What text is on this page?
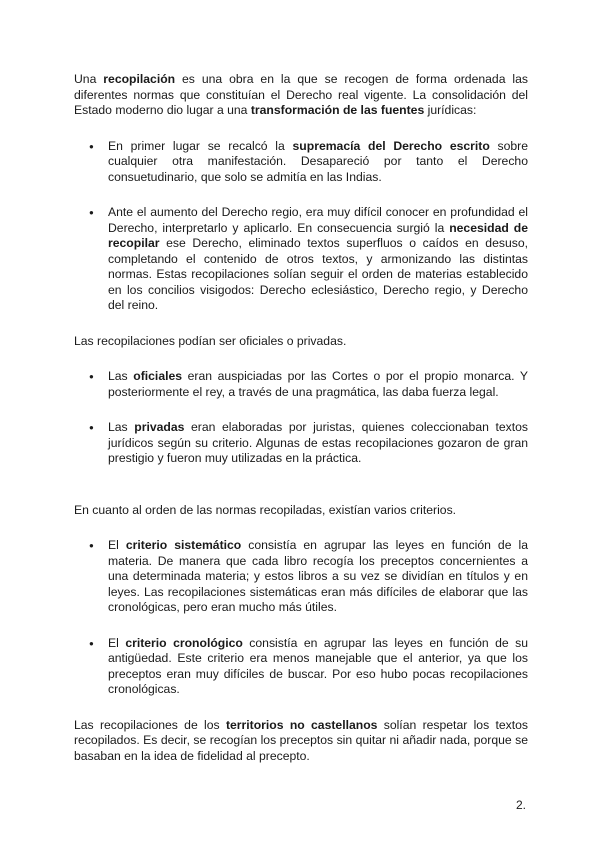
Una recopilación es una obra en la que se recogen de forma ordenada las diferentes normas que constituían el Derecho real vigente. La consolidación del Estado moderno dio lugar a una transformación de las fuentes jurídicas:

● En primer lugar se recalcó la supremacía del Derecho escrito sobre cualquier otra manifestación. Desapareció por tanto el Derecho consuetudinario, que solo se admitía en las Indias.
● Ante el aumento del Derecho regio, era muy difícil conocer en profundidad el Derecho, interpretarlo y aplicarlo. En consecuencia surgió la necesidad de recopilar ese Derecho, eliminado textos superfluos o caídos en desuso, completando el contenido de otros textos, y armonizando las distintas normas. Estas recopilaciones solían seguir el orden de materias establecido en los concilios visigodos: Derecho eclesiástico, Derecho regio, y Derecho del reino.

Las recopilaciones podían ser oficiales o privadas.

● Las oficiales eran auspiciadas por las Cortes o por el propio monarca. Y posteriormente el rey, a través de una pragmática, las daba fuerza legal.
● Las privadas eran elaboradas por juristas, quienes coleccionaban textos jurídicos según su criterio. Algunas de estas recopilaciones gozaron de gran prestigio y fueron muy utilizadas en la práctica.

En cuanto al orden de las normas recopiladas, existían varios criterios.

● El criterio sistemático consistía en agrupar las leyes en función de la materia. De manera que cada libro recogía los preceptos concernientes a una determinada materia; y estos libros a su vez se dividían en títulos y en leyes. Las recopilaciones sistemáticas eran más difíciles de elaborar que las cronológicas, pero eran mucho más útiles.
● El criterio cronológico consistía en agrupar las leyes en función de su antigüedad. Este criterio era menos manejable que el anterior, ya que los preceptos eran muy difíciles de buscar. Por eso hubo pocas recopilaciones cronológicas.

Las recopilaciones de los territorios no castellanos solían respetar los textos recopilados. Es decir, se recogían los preceptos sin quitar ni añadir nada, porque se basaban en la idea de fidelidad al precepto.

2.
